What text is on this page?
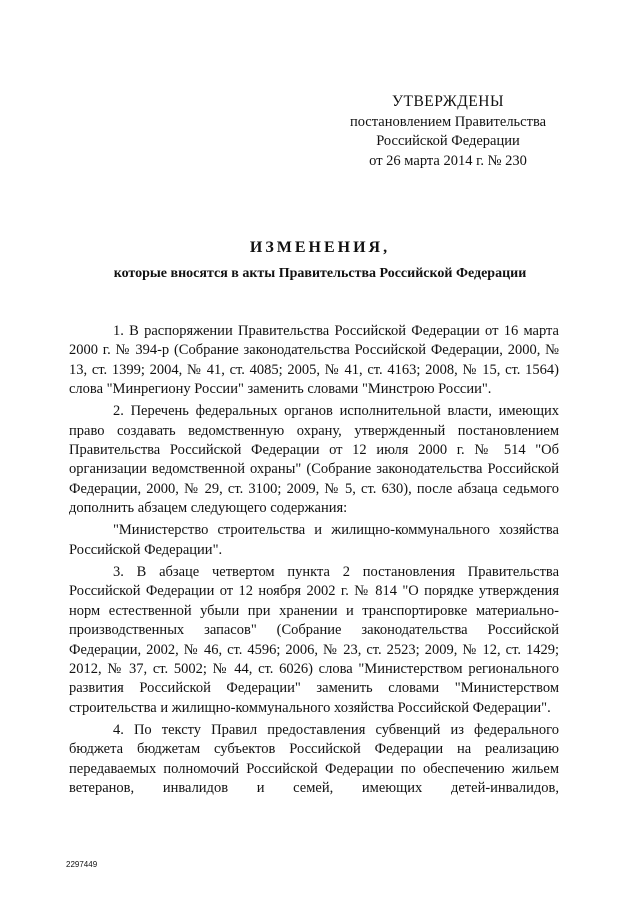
УТВЕРЖДЕНЫ
постановлением Правительства
Российской Федерации
от 26 марта 2014 г. № 230
ИЗМЕНЕНИЯ,
которые вносятся в акты Правительства Российской Федерации

1. В распоряжении Правительства Российской Федерации от 16 марта 2000 г. № 394-р (Собрание законодательства Российской Федерации, 2000, № 13, ст. 1399; 2004, № 41, ст. 4085; 2005, № 41, ст. 4163; 2008, № 15, ст. 1564) слова "Минрегиону России" заменить словами "Минстрою России".

2. Перечень федеральных органов исполнительной власти, имеющих право создавать ведомственную охрану, утвержденный постановлением Правительства Российской Федерации от 12 июля 2000 г. № 514 "Об организации ведомственной охраны" (Собрание законодательства Российской Федерации, 2000, № 29, ст. 3100; 2009, № 5, ст. 630), после абзаца седьмого дополнить абзацем следующего содержания:

"Министерство строительства и жилищно-коммунального хозяйства Российской Федерации".

3. В абзаце четвертом пункта 2 постановления Правительства Российской Федерации от 12 ноября 2002 г. № 814 "О порядке утверждения норм естественной убыли при хранении и транспортировке материально-производственных запасов" (Собрание законодательства Российской Федерации, 2002, № 46, ст. 4596; 2006, № 23, ст. 2523; 2009, № 12, ст. 1429; 2012, № 37, ст. 5002; № 44, ст. 6026) слова "Министерством регионального развития Российской Федерации" заменить словами "Министерством строительства и жилищно-коммунального хозяйства Российской Федерации".

4. По тексту Правил предоставления субвенций из федерального бюджета бюджетам субъектов Российской Федерации на реализацию передаваемых полномочий Российской Федерации по обеспечению жильем ветеранов, инвалидов и семей, имеющих детей-инвалидов,

2297449
